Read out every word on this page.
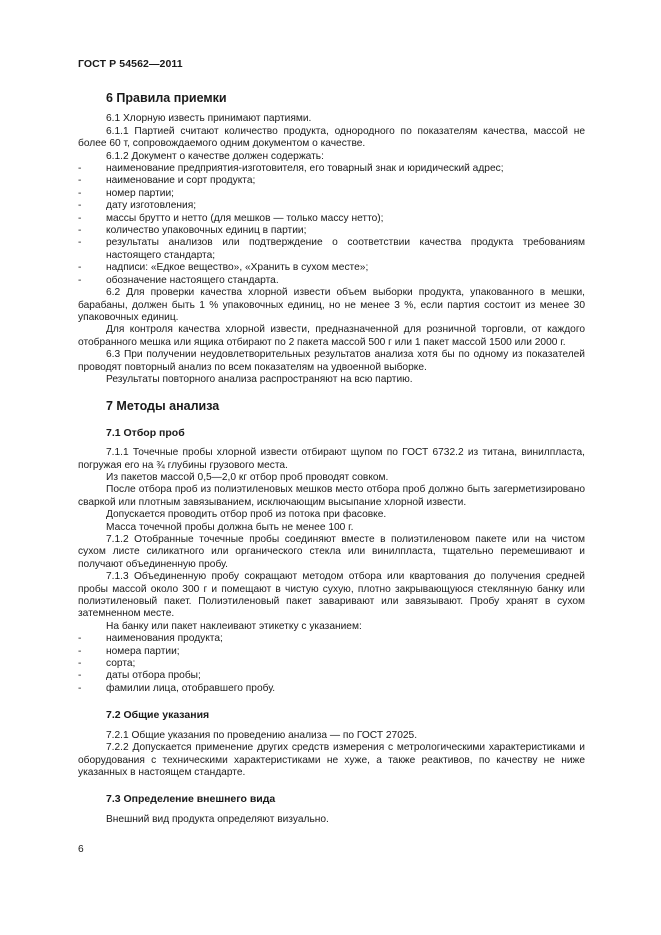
ГОСТ Р 54562—2011
6 Правила приемки

6.1 Хлорную известь принимают партиями.

6.1.1 Партией считают количество продукта, однородного по показателям качества, массой не более 60 т, сопровождаемого одним документом о качестве.

6.1.2 Документ о качестве должен содержать:

- наименование предприятия-изготовителя, его товарный знак и юридический адрес;

- наименование и сорт продукта;

- номер партии;

- дату изготовления;

- массы брутто и нетто (для мешков — только массу нетто);

- количество упаковочных единиц в партии;

- результаты анализов или подтверждение о соответствии качества продукта требованиям настоящего стандарта;

- надписи: «Едкое вещество», «Хранить в сухом месте»;

- обозначение настоящего стандарта.

6.2 Для проверки качества хлорной извести объем выборки продукта, упакованного в мешки, барабаны, должен быть 1 % упаковочных единиц, но не менее 3 %, если партия состоит из менее 30 упаковочных единиц.

Для контроля качества хлорной извести, предназначенной для розничной торговли, от каждого отобранного мешка или ящика отбирают по 2 пакета массой 500 г или 1 пакет массой 1500 или 2000 г.

6.3 При получении неудовлетворительных результатов анализа хотя бы по одному из показателей проводят повторный анализ по всем показателям на удвоенной выборке.

Результаты повторного анализа распространяют на всю партию.

7 Методы анализа
7.1 Отбор проб

7.1.1 Точечные пробы хлорной извести отбирают щупом по ГОСТ 6732.2 из титана, винилпласта, погружая его на ¾ глубины грузового места.

Из пакетов массой 0,5—2,0 кг отбор проб проводят совком.

После отбора проб из полиэтиленовых мешков место отбора проб должно быть загерметизировано сваркой или плотным завязыванием, исключающим высыпание хлорной извести.

Допускается проводить отбор проб из потока при фасовке.

Масса точечной пробы должна быть не менее 100 г.

7.1.2 Отобранные точечные пробы соединяют вместе в полиэтиленовом пакете или на чистом сухом листе силикатного или органического стекла или винилпласта, тщательно перемешивают и получают объединенную пробу.

7.1.3 Объединенную пробу сокращают методом отбора или квартования до получения средней пробы массой около 300 г и помещают в чистую сухую, плотно закрывающуюся стеклянную банку или полиэтиленовый пакет. Полиэтиленовый пакет заваривают или завязывают. Пробу хранят в сухом затемненном месте.

На банку или пакет наклеивают этикетку с указанием:

- наименования продукта;

- номера партии;

- сорта;

- даты отбора пробы;

- фамилии лица, отобравшего пробу.

7.2 Общие указания

7.2.1 Общие указания по проведению анализа — по ГОСТ 27025.

7.2.2 Допускается применение других средств измерения с метрологическими характеристиками и оборудования с техническими характеристиками не хуже, а также реактивов, по качеству не ниже указанных в настоящем стандарте.

7.3 Определение внешнего вида

Внешний вид продукта определяют визуально.

6
